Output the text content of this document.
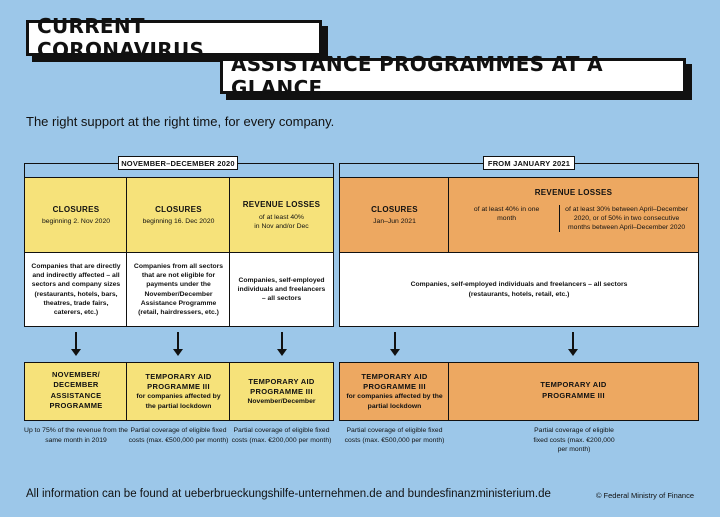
CURRENT CORONAVIRUS
ASSISTANCE PROGRAMMES AT A GLANCE
The right support at the right time, for every company.
NOVEMBER–DECEMBER 2020	FROM JANUARY 2021
CLOSURES
beginning 2. Nov 2020
CLOSURES
beginning 16. Dec 2020
REVENUE LOSSES
of at least 40%
in Nov and/or Dec
CLOSURES
Jan–Jun 2021
REVENUE LOSSES
of at least 40% in one month
of at least 30% between April–December 2020, or of 50% in two consecutive months between April–December 2020
Companies that are directly and indirectly affected – all sectors and company sizes (restaurants, hotels, bars, theatres, trade fairs, caterers, etc.)
Companies from all sectors that are not eligible for payments under the November/December Assistance Programme (retail, hairdressers, etc.)
Companies, self-employed individuals and freelancers – all sectors
Companies, self-employed individuals and freelancers – all sectors
(restaurants, hotels, retail, etc.)
NOVEMBER/ DECEMBER ASSISTANCE PROGRAMME
TEMPORARY AID PROGRAMME III
for companies affected by the partial lockdown
TEMPORARY AID PROGRAMME III
November/December
TEMPORARY AID PROGRAMME III
for companies affected by the partial lockdown
TEMPORARY AID PROGRAMME III
Up to 75% of the revenue from the same month in 2019
Partial coverage of eligible fixed costs (max. €500,000 per month)
Partial coverage of eligible fixed costs (max. €200,000 per month)
Partial coverage of eligible fixed costs (max. €500,000 per month)
Partial coverage of eligible fixed costs (max. €200,000 per month)
All information can be found at ueberbrueckungshilfe-unternehmen.de and bundesfinanzministerium.de	© Federal Ministry of Finance
